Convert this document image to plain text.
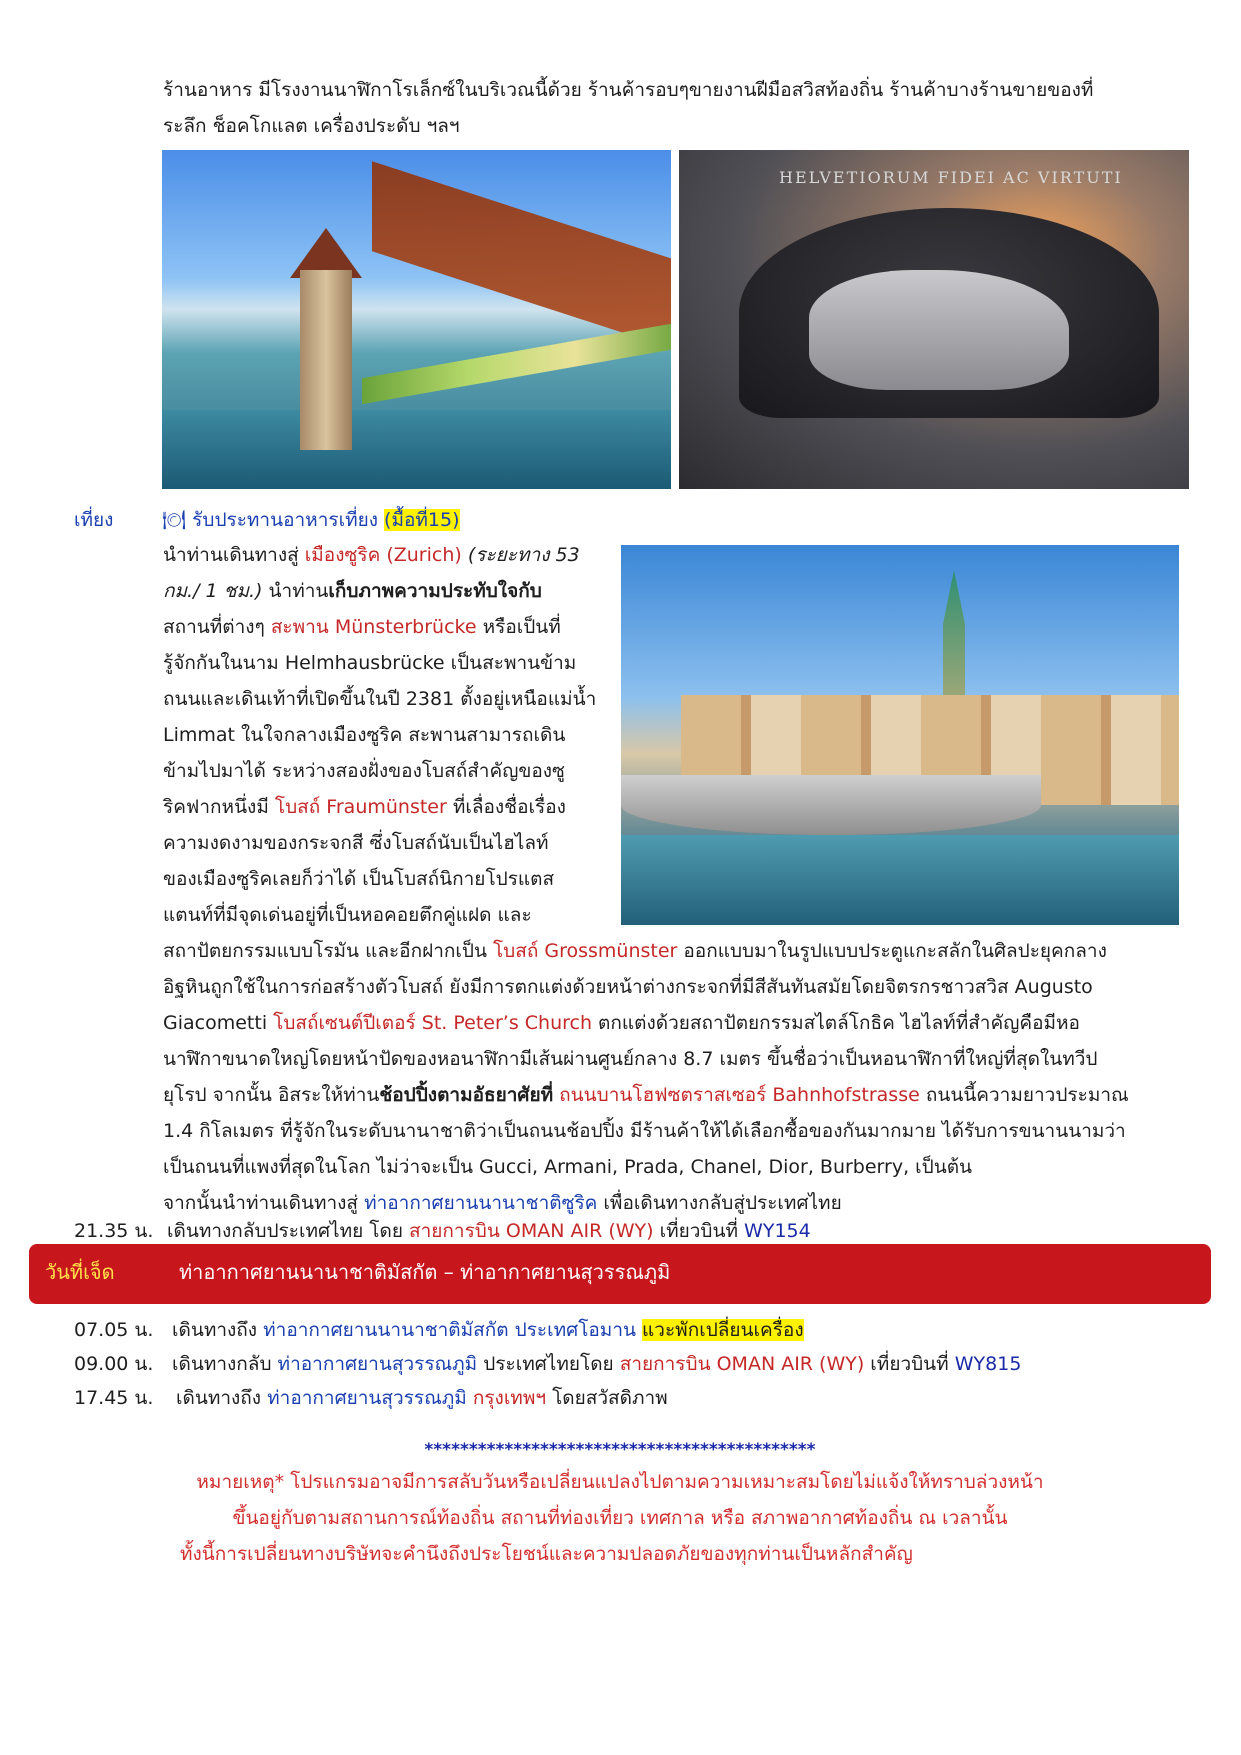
ร้านอาหาร มีโรงงานนาฬิกาโรเล็กซ์ในบริเวณนี้ด้วย ร้านค้ารอบๆขายงานฝีมือสวิสท้องถิ่น ร้านค้าบางร้านขายของที่
ระลึก ช็อคโกแลต เครื่องประดับ ฯลฯ
HELVETIORUM FIDEI AC VIRTUTI
เที่ยง	🍽 รับประทานอาหารเที่ยง (มื้อที่15)
นำท่านเดินทางสู่ เมืองซูริค (Zurich) (ระยะทาง 53
กม./ 1 ชม.) นำท่านเก็บภาพความประทับใจกับ
สถานที่ต่างๆ สะพาน Münsterbrücke หรือเป็นที่
รู้จักกันในนาม Helmhausbrücke เป็นสะพานข้าม
ถนนและเดินเท้าที่เปิดขึ้นในปี 2381 ตั้งอยู่เหนือแม่น้ำ
Limmat ในใจกลางเมืองซูริค สะพานสามารถเดิน
ข้ามไปมาได้ ระหว่างสองฝั่งของโบสถ์สำคัญของซู
ริคฟากหนึ่งมี โบสถ์ Fraumünster ที่เลื่องชื่อเรื่อง
ความงดงามของกระจกสี ซึ่งโบสถ์นับเป็นไฮไลท์
ของเมืองซูริคเลยก็ว่าได้ เป็นโบสถ์นิกายโปรแตส
แตนท์ที่มีจุดเด่นอยู่ที่เป็นหอคอยตึกคู่แฝด และ
สถาปัตยกรรมแบบโรมัน และอีกฝากเป็น โบสถ์ Grossmünster ออกแบบมาในรูปแบบประตูแกะสลักในศิลปะยุคกลาง
อิฐหินถูกใช้ในการก่อสร้างตัวโบสถ์ ยังมีการตกแต่งด้วยหน้าต่างกระจกที่มีสีสันทันสมัยโดยจิตรกรชาวสวิส Augusto
Giacometti โบสถ์เซนต์ปีเตอร์ St. Peter’s Church ตกแต่งด้วยสถาปัตยกรรมสไตล์โกธิค ไฮไลท์ที่สำคัญคือมีหอ
นาฬิกาขนาดใหญ่โดยหน้าปัดของหอนาฬิกามีเส้นผ่านศูนย์กลาง 8.7 เมตร ขึ้นชื่อว่าเป็นหอนาฬิกาที่ใหญ่ที่สุดในทวีป
ยุโรป จากนั้น อิสระให้ท่านช้อปปิ้งตามอัธยาศัยที่ ถนนบานโฮฟซตราสเซอร์ Bahnhofstrasse ถนนนี้ความยาวประมาณ
1.4 กิโลเมตร ที่รู้จักในระดับนานาชาติว่าเป็นถนนช้อปปิ้ง มีร้านค้าให้ได้เลือกซื้อของกันมากมาย ได้รับการขนานนามว่า
เป็นถนนที่แพงที่สุดในโลก ไม่ว่าจะเป็น Gucci, Armani, Prada, Chanel, Dior, Burberry, เป็นต้น
จากนั้นนำท่านเดินทางสู่ ท่าอากาศยานนานาชาติซูริค เพื่อเดินทางกลับสู่ประเทศไทย
21.35 น. เดินทางกลับประเทศไทย โดย สายการบิน OMAN AIR (WY) เที่ยวบินที่ WY154
วันที่เจ็ด	ท่าอากาศยานนานาชาติมัสกัต – ท่าอากาศยานสุวรรณภูมิ
07.05 น. เดินทางถึง ท่าอากาศยานนานาชาติมัสกัต ประเทศโอมาน แวะพักเปลี่ยนเครื่อง
09.00 น. เดินทางกลับ ท่าอากาศยานสุวรรณภูมิ ประเทศไทยโดย สายการบิน OMAN AIR (WY) เที่ยวบินที่ WY815
17.45 น. เดินทางถึง ท่าอากาศยานสุวรรณภูมิ กรุงเทพฯ โดยสวัสดิภาพ
********************************************
หมายเหตุ* โปรแกรมอาจมีการสลับวันหรือเปลี่ยนแปลงไปตามความเหมาะสมโดยไม่แจ้งให้ทราบล่วงหน้า
ขึ้นอยู่กับตามสถานการณ์ท้องถิ่น สถานที่ท่องเที่ยว เทศกาล หรือ สภาพอากาศท้องถิ่น ณ เวลานั้น
ทั้งนี้การเปลี่ยนทางบริษัทจะคำนึงถึงประโยชน์และความปลอดภัยของทุกท่านเป็นหลักสำคัญ
